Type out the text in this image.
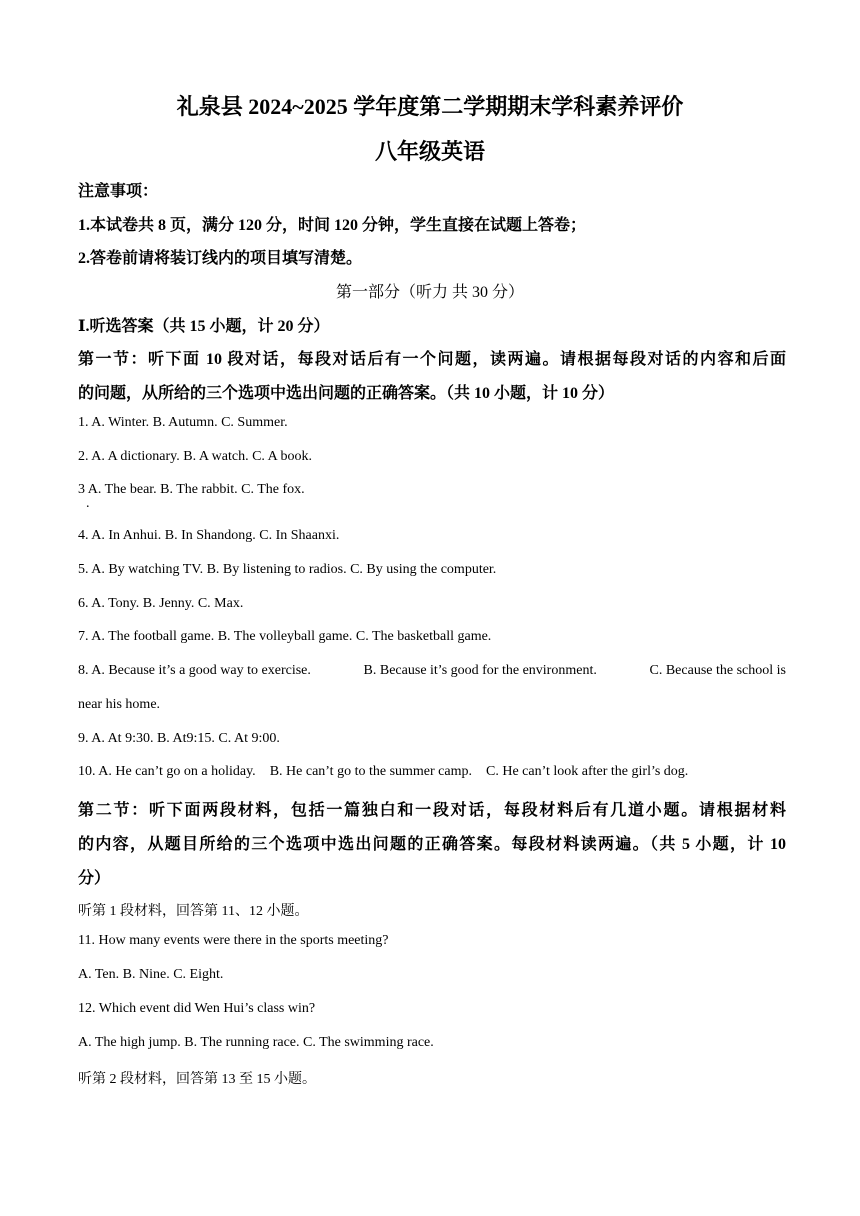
礼泉县 2024~2025 学年度第二学期期末学科素养评价
八年级英语
注意事项：
1.本试卷共 8 页，满分 120 分，时间 120 分钟，学生直接在试题上答卷；
2.答卷前请将装订线内的项目填写清楚。
第一部分（听力 共 30 分）
Ⅰ.听选答案（共 15 小题，计 20 分）
第一节：听下面 10 段对话，每段对话后有一个问题，读两遍。请根据每段对话的内容和后面
的问题，从所给的三个选项中选出问题的正确答案。（共 10 小题，计 10 分）
1. A. Winter. B. Autumn. C. Summer.
2. A. A dictionary. B. A watch. C. A book.
3 A. The bear. B. The rabbit. C. The fox.
.
4. A. In Anhui. B. In Shandong. C. In Shaanxi.
5. A. By watching TV. B. By listening to radios. C. By using the computer.
6. A. Tony. B. Jenny. C. Max.
7. A. The football game. B. The volleyball game. C. The basketball game.
8. A. Because it’s a good way to exercise.	B. Because it’s good for the environment.	C. Because the school is
near his home.
9. A. At 9:30. B. At9:15. C. At 9:00.
10. A. He can’t go on a holiday. B. He can’t go to the summer camp. C. He can’t look after the girl’s dog.
第二节：听下面两段材料，包括一篇独白和一段对话，每段材料后有几道小题。请根据材料
的内容，从题目所给的三个选项中选出问题的正确答案。每段材料读两遍。（共 5 小题，计 10
分）
听第 1 段材料，回答第 11、12 小题。
11. How many events were there in the sports meeting?
A. Ten. B. Nine. C. Eight.
12. Which event did Wen Hui’s class win?
A. The high jump. B. The running race. C. The swimming race.
听第 2 段材料，回答第 13 至 15 小题。
